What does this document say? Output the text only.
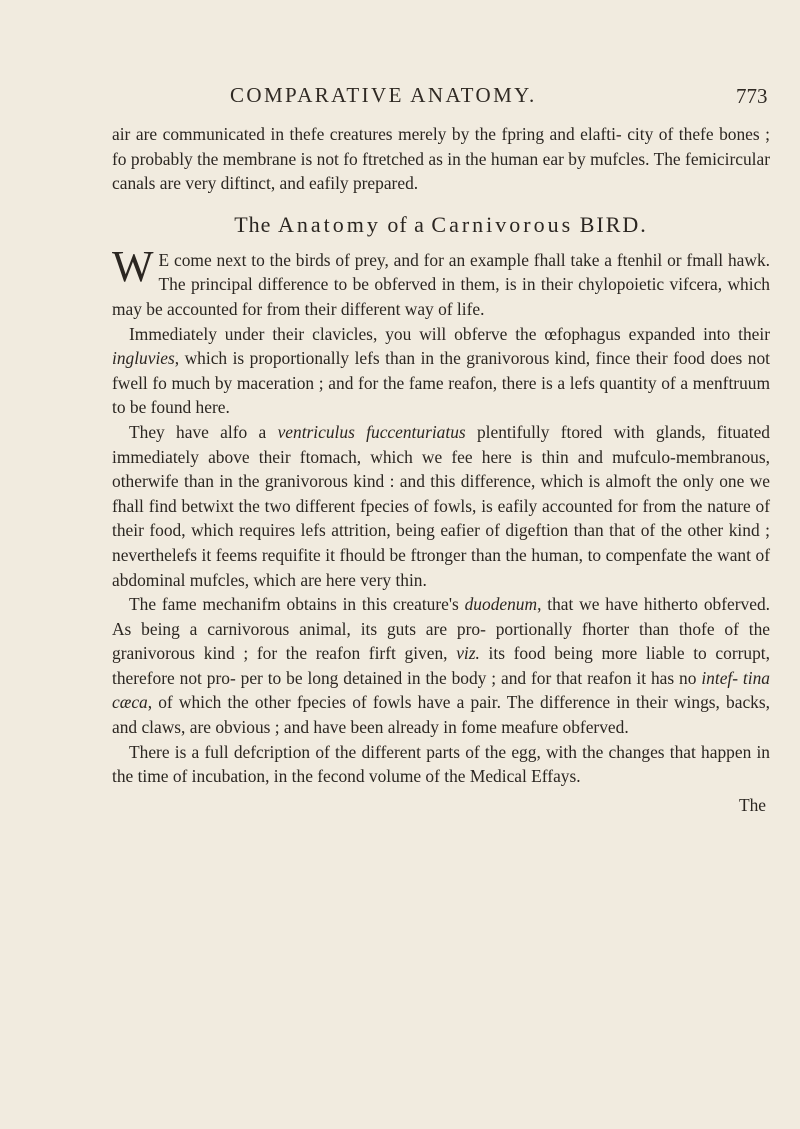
COMPARATIVE ANATOMY.	773

air are communicated in thefe creatures merely by the fpring and elafti- city of thefe bones ; fo probably the membrane is not fo ftretched as in the human ear by mufcles. The femicircular canals are very diftinct, and eafily prepared.

The Anatomy of a Carnivorous BIRD.

W E come next to the birds of prey, and for an example fhall take a ftenhil or fmall hawk. The principal difference to be obferved in them, is in their chylopoietic vifcera, which may be accounted for from their different way of life.

Immediately under their clavicles, you will obferve the œfophagus expanded into their ingluvies, which is proportionally lefs than in the granivorous kind, fince their food does not fwell fo much by maceration ; and for the fame reafon, there is a lefs quantity of a menftruum to be found here.

They have alfo a ventriculus fuccenturiatus plentifully ftored with glands, fituated immediately above their ftomach, which we fee here is thin and mufculo-membranous, otherwife than in the granivorous kind : and this difference, which is almoft the only one we fhall find betwixt the two different fpecies of fowls, is eafily accounted for from the nature of their food, which requires lefs attrition, being eafier of digeftion than that of the other kind ; neverthelefs it feems requifite it fhould be ftronger than the human, to compenfate the want of abdominal mufcles, which are here very thin.

The fame mechanifm obtains in this creature's duodenum, that we have hitherto obferved. As being a carnivorous animal, its guts are pro- portionally fhorter than thofe of the granivorous kind ; for the reafon firft given, viz. its food being more liable to corrupt, therefore not pro- per to be long detained in the body ; and for that reafon it has no intef- tina cæca, of which the other fpecies of fowls have a pair. The difference in their wings, backs, and claws, are obvious ; and have been already in fome meafure obferved.

There is a full defcription of the different parts of the egg, with the changes that happen in the time of incubation, in the fecond volume of the Medical Effays.

The
